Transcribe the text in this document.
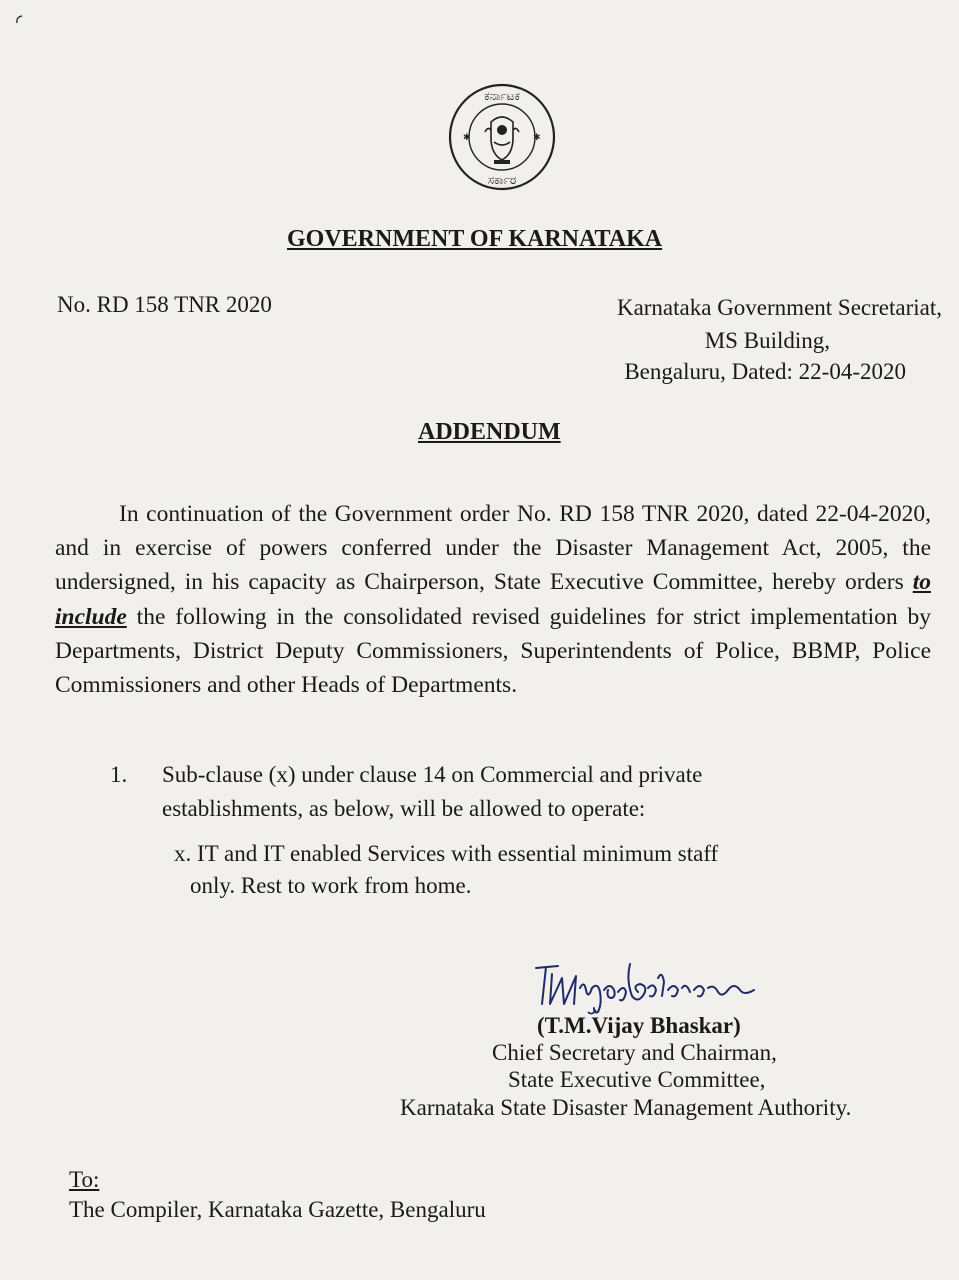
✱	✱
ಕರ್ನಾಟಕ
ಸರ್ಕಾರ
GOVERNMENT OF KARNATAKA
No. RD 158 TNR 2020	Karnataka Government Secretariat,
MS Building,
Bengaluru, Dated: 22-04-2020
ADDENDUM
In continuation of the Government order No. RD 158 TNR 2020, dated 22-04-2020, and in exercise of powers conferred under the Disaster Management Act, 2005, the undersigned, in his capacity as Chairperson, State Executive Committee, hereby orders to include the following in the consolidated revised guidelines for strict implementation by Departments, District Deputy Commissioners, Superintendents of Police, BBMP, Police Commissioners and other Heads of Departments.
1. Sub-clause (x) under clause 14 on Commercial and private
establishments, as below, will be allowed to operate:
x. IT and IT enabled Services with essential minimum staff
only. Rest to work from home.
(T.M.Vijay Bhaskar)
Chief Secretary and Chairman,
State Executive Committee,
Karnataka State Disaster Management Authority.
To:
The Compiler, Karnataka Gazette, Bengaluru
